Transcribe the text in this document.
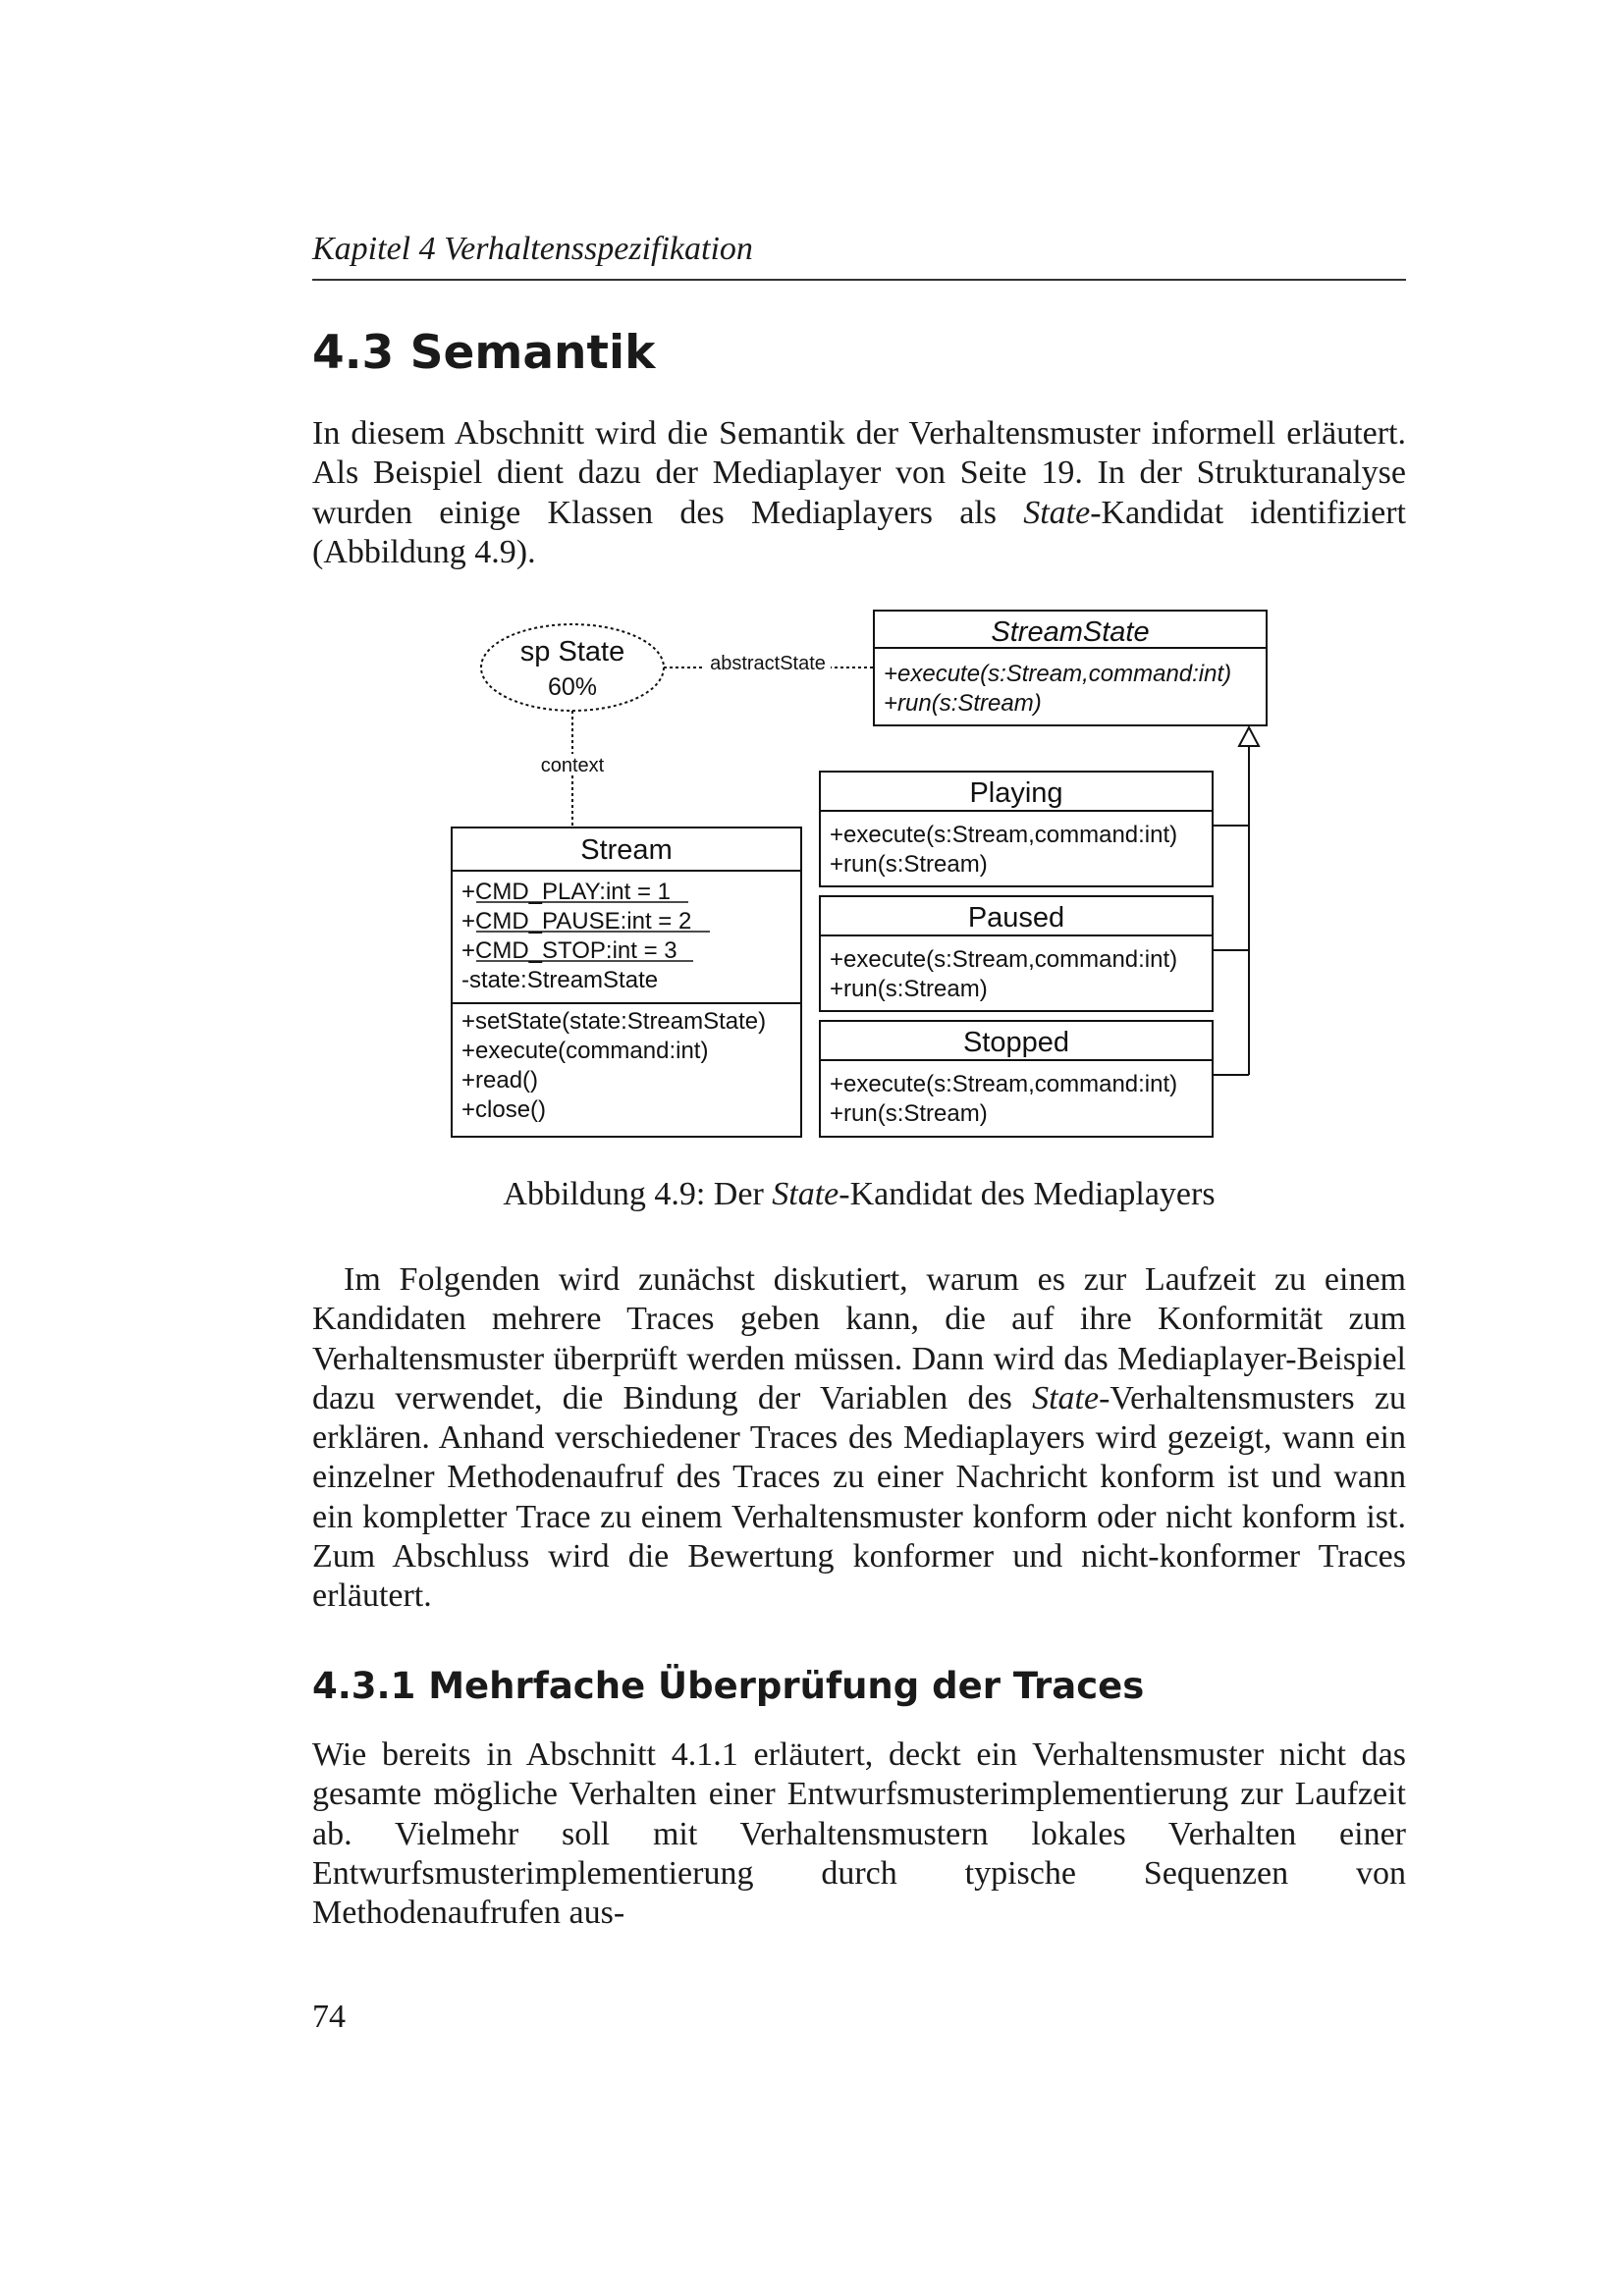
Kapitel 4 Verhaltensspezifikation
4.3 Semantik

In diesem Abschnitt wird die Semantik der Verhaltensmuster informell erläutert. Als Beispiel dient dazu der Mediaplayer von Seite 19. In der Strukturanalyse wurden einige Klassen des Mediaplayers als State-Kandidat identifiziert (Abbildung 4.9).

sp State
60%
abstractState
context
StreamState
+execute(s:Stream,command:int)
+run(s:Stream)
Stream
+CMD_PLAY:int = 1
+CMD_PAUSE:int = 2
+CMD_STOP:int = 3
-state:StreamState
+setState(state:StreamState)
+execute(command:int)
+read()
+close()
Playing
+execute(s:Stream,command:int)
+run(s:Stream)
Paused
+execute(s:Stream,command:int)
+run(s:Stream)
Stopped
+execute(s:Stream,command:int)
+run(s:Stream)

Abbildung 4.9: Der State-Kandidat des Mediaplayers

Im Folgenden wird zunächst diskutiert, warum es zur Laufzeit zu einem Kandidaten mehrere Traces geben kann, die auf ihre Konformität zum Verhaltensmuster überprüft werden müssen. Dann wird das Mediaplayer-Beispiel dazu verwendet, die Bindung der Variablen des State-Verhaltensmusters zu erklären. Anhand verschiedener Traces des Mediaplayers wird gezeigt, wann ein einzelner Methodenaufruf des Traces zu einer Nachricht konform ist und wann ein kompletter Trace zu einem Verhaltensmuster konform oder nicht konform ist. Zum Abschluss wird die Bewertung konformer und nicht-konformer Traces erläutert.

4.3.1 Mehrfache Überprüfung der Traces

Wie bereits in Abschnitt 4.1.1 erläutert, deckt ein Verhaltensmuster nicht das gesamte mögliche Verhalten einer Entwurfsmusterimplementierung zur Laufzeit ab. Vielmehr soll mit Verhaltensmustern lokales Verhalten einer Entwurfsmusterimplementierung durch typische Sequenzen von Methodenaufrufen aus-

74
